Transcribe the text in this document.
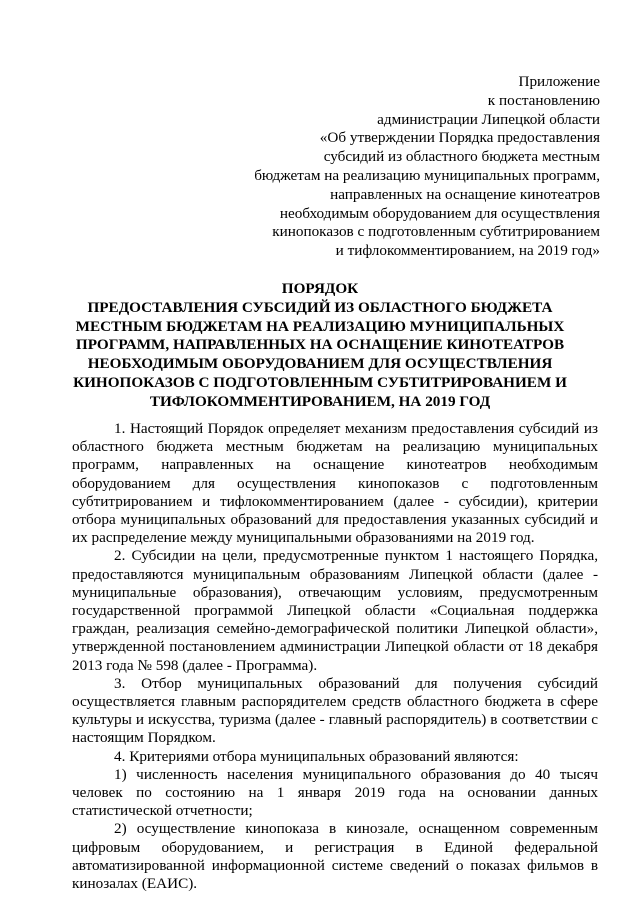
Приложение
к постановлению
администрации Липецкой области
«Об утверждении Порядка предоставления
субсидий из областного бюджета местным
бюджетам на реализацию муниципальных программ,
направленных на оснащение кинотеатров
необходимым оборудованием для осуществления
кинопоказов с подготовленным субтитрированием
и тифлокомментированием, на 2019 год»
ПОРЯДОК
ПРЕДОСТАВЛЕНИЯ СУБСИДИЙ ИЗ ОБЛАСТНОГО БЮДЖЕТА
МЕСТНЫМ БЮДЖЕТАМ НА РЕАЛИЗАЦИЮ МУНИЦИПАЛЬНЫХ
ПРОГРАММ, НАПРАВЛЕННЫХ НА ОСНАЩЕНИЕ КИНОТЕАТРОВ
НЕОБХОДИМЫМ ОБОРУДОВАНИЕМ ДЛЯ ОСУЩЕСТВЛЕНИЯ
КИНОПОКАЗОВ С ПОДГОТОВЛЕННЫМ СУБТИТРИРОВАНИЕМ И
ТИФЛОКОММЕНТИРОВАНИЕМ, НА 2019 ГОД

1. Настоящий Порядок определяет механизм предоставления субсидий из областного бюджета местным бюджетам на реализацию муниципальных программ, направленных на оснащение кинотеатров необходимым оборудованием для осуществления кинопоказов с подготовленным субтитрированием и тифлокомментированием (далее - субсидии), критерии отбора муниципальных образований для предоставления указанных субсидий и их распределение между муниципальными образованиями на 2019 год.

2. Субсидии на цели, предусмотренные пунктом 1 настоящего Порядка, предоставляются муниципальным образованиям Липецкой области (далее - муниципальные образования), отвечающим условиям, предусмотренным государственной программой Липецкой области «Социальная поддержка граждан, реализация семейно-демографической политики Липецкой области», утвержденной постановлением администрации Липецкой области от 18 декабря 2013 года № 598 (далее - Программа).

3. Отбор муниципальных образований для получения субсидий осуществляется главным распорядителем средств областного бюджета в сфере культуры и искусства, туризма (далее - главный распорядитель) в соответствии с настоящим Порядком.

4. Критериями отбора муниципальных образований являются:

1) численность населения муниципального образования до 40 тысяч человек по состоянию на 1 января 2019 года на основании данных статистической отчетности;

2) осуществление кинопоказа в кинозале, оснащенном современным цифровым оборудованием, и регистрация в Единой федеральной автоматизированной информационной системе сведений о показах фильмов в кинозалах (ЕАИС).
